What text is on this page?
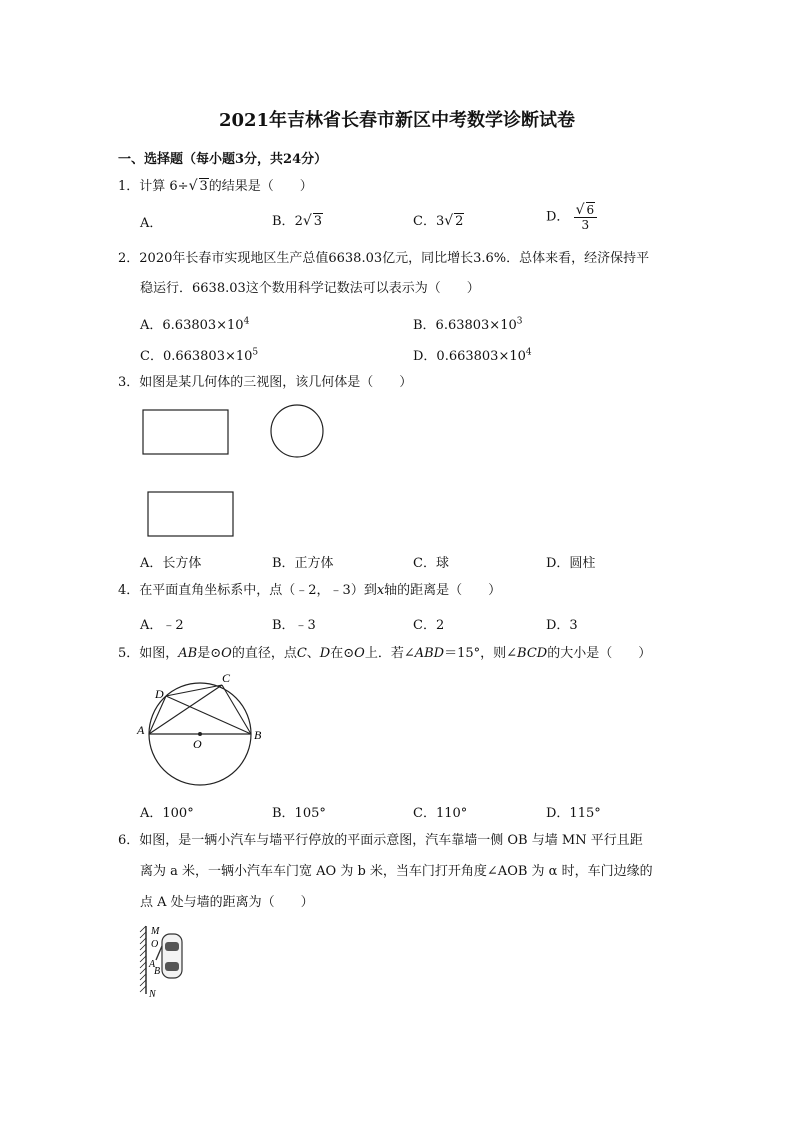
2021年吉林省长春市新区中考数学诊断试卷
一、选择题（每小题3分，共24分）
1．计算 6÷√ 3的结果是（　　）
A．	B．2√ 3	C．3√ 2	D． $\frac{√ 6}{3}$
2．2020年长春市实现地区生产总值6638.03亿元，同比增长3.6%．总体来看，经济保持平
稳运行．6638.03这个数用科学记数法可以表示为（　　）
A．$6.63803\times 10^4$	B．$6.63803\times 10^3$
C．$0.663803\times 10^5$	D．$0.663803\times 10^4$
3．如图是某几何体的三视图，该几何体是（　　）
A．长方体	B．正方体	C．球	D．圆柱
4．在平面直角坐标系中，点（﹣2，﹣3）到x轴的距离是（　　）
A．﹣2	B．﹣3	C．2	D．3
5．如图，AB是⊙O的直径，点C、D在⊙O上．若∠ABD＝15°，则∠BCD的大小是（　　）
D
C
A
O
B
A．100°	B．105°	C．110°	D．115°
6．如图，是一辆小汽车与墙平行停放的平面示意图，汽车靠墙一侧 OB 与墙 MN 平行且距
离为 a 米，一辆小汽车车门宽 AO 为 b 米，当车门打开角度∠AOB 为 α 时，车门边缘的
点 A 处与墙的距离为（　　）
M
O
A
B
N
